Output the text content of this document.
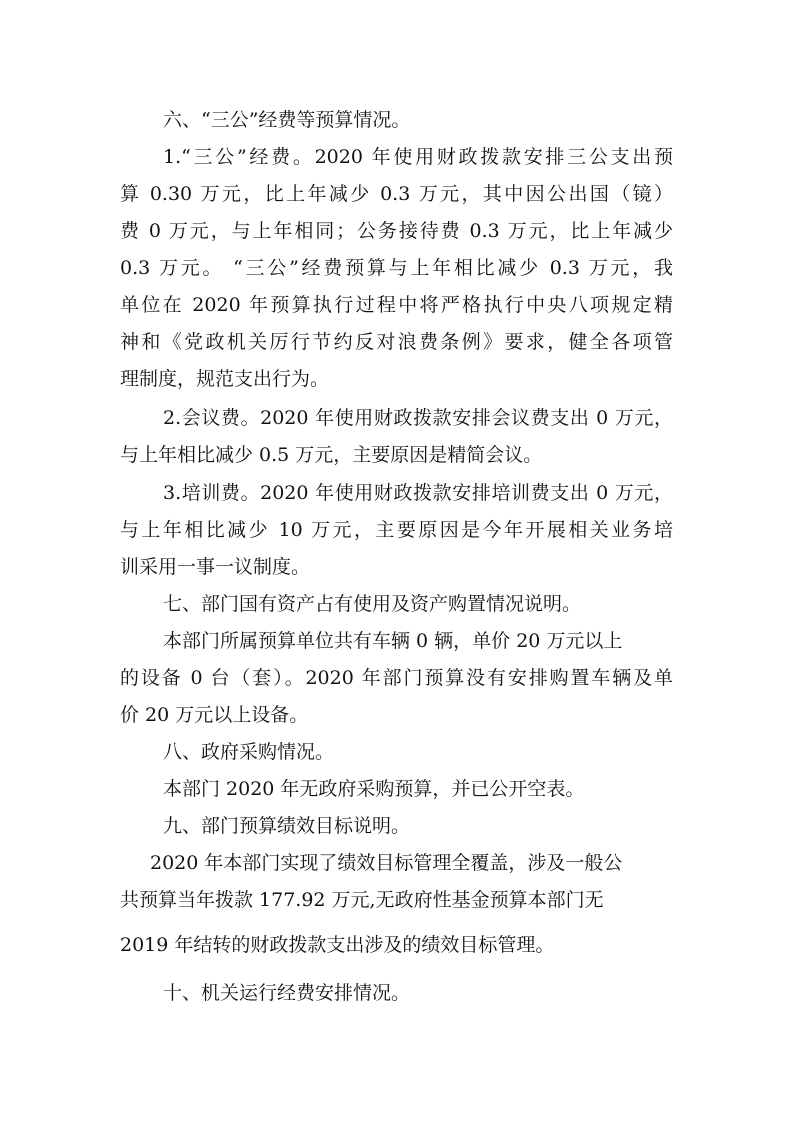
六、“三公”经费等预算情况。
1.“三公”经费。2020 年使用财政拨款安排三公支出预
算 0.30 万元，比上年减少 0.3 万元，其中因公出国（镜）
费 0 万元，与上年相同；公务接待费 0.3 万元，比上年减少
0.3 万元。 “三公”经费预算与上年相比减少 0.3 万元，我
单位在 2020 年预算执行过程中将严格执行中央八项规定精
神和《党政机关厉行节约反对浪费条例》要求，健全各项管
理制度，规范支出行为。
2.会议费。2020 年使用财政拨款安排会议费支出 0 万元，
与上年相比减少 0.5 万元，主要原因是精简会议。
3.培训费。2020 年使用财政拨款安排培训费支出 0 万元，
与上年相比减少 10 万元，主要原因是今年开展相关业务培
训采用一事一议制度。
七、部门国有资产占有使用及资产购置情况说明。
本部门所属预算单位共有车辆 0 辆，单价 20 万元以上
的设备 0 台（套）。2020 年部门预算没有安排购置车辆及单
价 20 万元以上设备。
八、政府采购情况。
本部门 2020 年无政府采购预算，并已公开空表。
九、部门预算绩效目标说明。
2020 年本部门实现了绩效目标管理全覆盖，涉及一般公
共预算当年拨款 177.92 万元,无政府性基金预算本部门无
2019 年结转的财政拨款支出涉及的绩效目标管理。
十、机关运行经费安排情况。
